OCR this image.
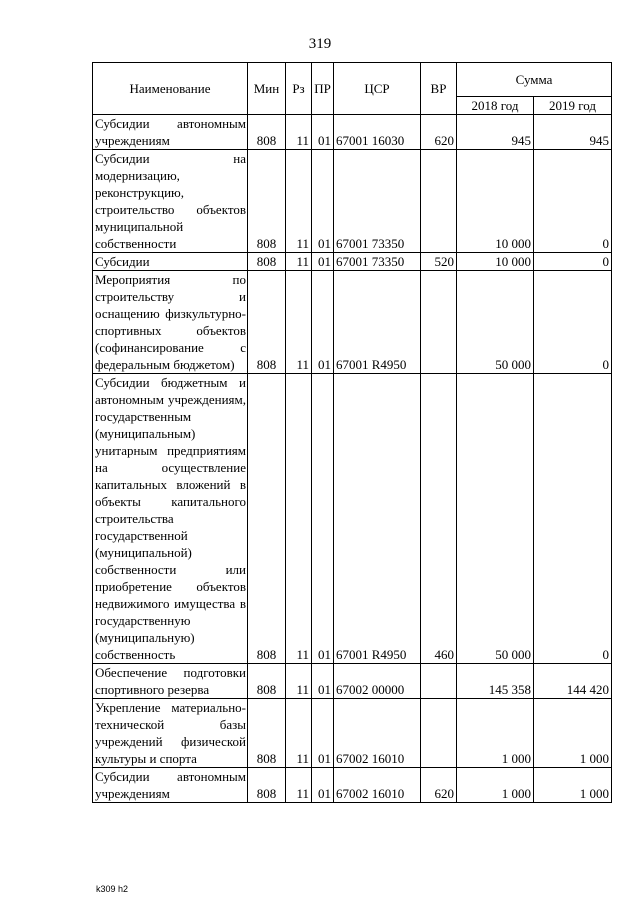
319
Наименование	Мин	Рз	ПР	ЦСР	ВР	Сумма	
						2018 год	2019 год
Субсидии автономным учреждениям	808	11	01	67001 16030	620	945	945
Субсидии на модернизацию, реконструкцию, строительство объектов муниципальной собственности	808	11	01	67001 73350		10 000	0
Субсидии	808	11	01	67001 73350	520	10 000	0
Мероприятия по строительству и оснащению физкультурно-спортивных объектов (софинансирование с федеральным бюджетом)	808	11	01	67001 R4950		50 000	0
Субсидии бюджетным и автономным учреждениям, государственным (муниципальным) унитарным предприятиям на осуществление капитальных вложений в объекты капитального строительства государственной (муниципальной) собственности или приобретение объектов недвижимого имущества в государственную (муниципальную) собственность	808	11	01	67001 R4950	460	50 000	0
Обеспечение подготовки спортивного резерва	808	11	01	67002 00000		145 358	144 420
Укрепление материально-технической базы учреждений физической культуры и спорта	808	11	01	67002 16010		1 000	1 000
Субсидии автономным учреждениям	808	11	01	67002 16010	620	1 000	1 000
k309 h2
